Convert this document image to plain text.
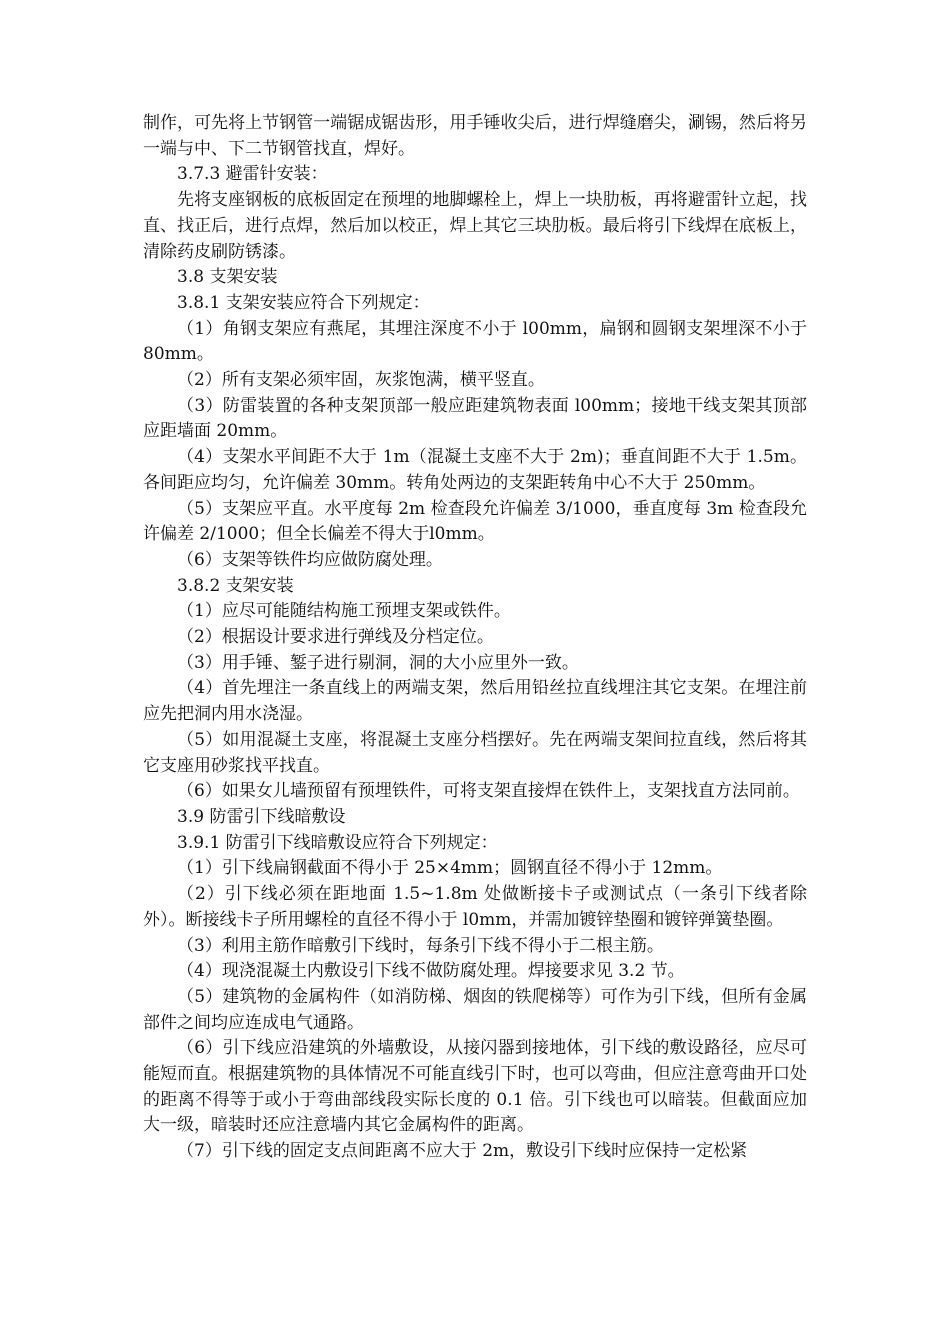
制作，可先将上节钢管一端锯成锯齿形，用手锤收尖后，进行焊缝磨尖，涮锡，然后将另一端与中、下二节钢管找直，焊好。

3.7.3 避雷针安装：

先将支座钢板的底板固定在预埋的地脚螺栓上，焊上一块肋板，再将避雷针立起，找直、找正后，进行点焊，然后加以校正，焊上其它三块肋板。最后将引下线焊在底板上，清除药皮刷防锈漆。

3.8 支架安装

3.8.1 支架安装应符合下列规定：

（1）角钢支架应有燕尾，其埋注深度不小于 l00mm，扁钢和圆钢支架埋深不小于 80mm。

（2）所有支架必须牢固，灰浆饱满，横平竖直。

（3）防雷装置的各种支架顶部一般应距建筑物表面 l00mm；接地干线支架其顶部应距墙面 20mm。

（4）支架水平间距不大于 1m（混凝土支座不大于 2m)；垂直间距不大于 1.5m。各间距应均匀，允许偏差 30mm。转角处两边的支架距转角中心不大于 250mm。

（5）支架应平直。水平度每 2m 检查段允许偏差 3/1000，垂直度每 3m 检查段允许偏差 2/1000；但全长偏差不得大于l0mm。

（6）支架等铁件均应做防腐处理。

3.8.2 支架安装

（1）应尽可能随结构施工预埋支架或铁件。

（2）根据设计要求进行弹线及分档定位。

（3）用手锤、錾子进行剔洞，洞的大小应里外一致。

（4）首先埋注一条直线上的两端支架，然后用铅丝拉直线埋注其它支架。在埋注前应先把洞内用水浇湿。

（5）如用混凝土支座，将混凝土支座分档摆好。先在两端支架间拉直线，然后将其它支座用砂浆找平找直。

（6）如果女儿墙预留有预埋铁件，可将支架直接焊在铁件上，支架找直方法同前。

3.9 防雷引下线暗敷设

3.9.1 防雷引下线暗敷设应符合下列规定：

（1）引下线扁钢截面不得小于 25×4mm；圆钢直径不得小于 12mm。

（2）引下线必须在距地面 1.5~1.8m 处做断接卡子或测试点（一条引下线者除外）。断接线卡子所用螺栓的直径不得小于 l0mm，并需加镀锌垫圈和镀锌弹簧垫圈。

（3）利用主筋作暗敷引下线时，每条引下线不得小于二根主筋。

（4）现浇混凝土内敷设引下线不做防腐处理。焊接要求见 3.2 节。

（5）建筑物的金属构件（如消防梯、烟囱的铁爬梯等）可作为引下线，但所有金属部件之间均应连成电气通路。

（6）引下线应沿建筑的外墙敷设，从接闪器到接地体，引下线的敷设路径，应尽可能短而直。根据建筑物的具体情况不可能直线引下时，也可以弯曲，但应注意弯曲开口处的距离不得等于或小于弯曲部线段实际长度的 0.1 倍。引下线也可以暗装。但截面应加大一级，暗装时还应注意墙内其它金属构件的距离。

（7）引下线的固定支点间距离不应大于 2m，敷设引下线时应保持一定松紧
